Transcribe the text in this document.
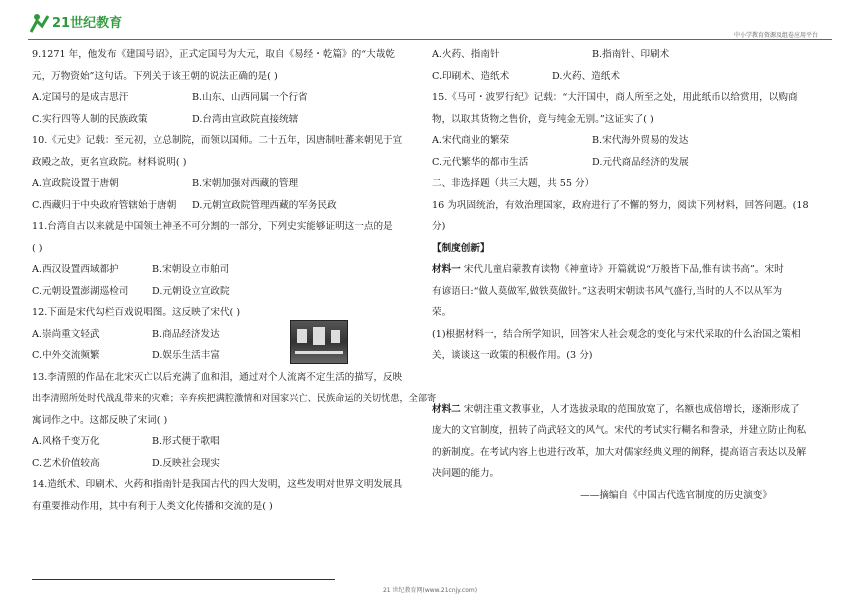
21世纪教育
中小学教育资源及组卷应用平台
9.1271 年，他发布《建国号诏》，正式定国号为大元，取自《易经・乾篇》的“大哉乾
元，万物资始”这句话。下列关于该王朝的说法正确的是( )
A.定国号的是成吉思汗	B.山东、山西同属一个行省
C.实行四等人制的民族政策	D.台湾由宣政院直接统辖
10.《元史》记载：至元初，立总制院，而领以国师。二十五年，因唐制吐蕃来朝见于宣
政殿之故，更名宣政院。材料说明( )
A.宣政院设置于唐朝	B.宋朝加强对西藏的管理
C.西藏归于中央政府管辖始于唐朝	D.元朝宣政院管理西藏的军务民政
11.台湾自古以来就是中国领土神圣不可分割的一部分，下列史实能够证明这一点的是
( )
A.西汉设置西域都护	B.宋朝设立市舶司
C.元朝设置澎湖巡检司	D.元朝设立宣政院
12.下面是宋代勾栏百戏说唱图。这反映了宋代( )
A.崇尚重文轻武	B.商品经济发达
C.中外交流频繁	D.娱乐生活丰富
13.李清照的作品在北宋灭亡以后充满了血和泪，通过对个人流离不定生活的描写，反映
出李清照所处时代战乱带来的灾难；辛弃疾把满腔激情和对国家兴亡、民族命运的关切忧患，全部寄
寓词作之中。这都反映了宋词( )
A.风格千变万化	B.形式便于歌唱
C.艺术价值较高	D.反映社会现实
14.造纸术、印刷术、火药和指南针是我国古代的四大发明，这些发明对世界文明发展具
有重要推动作用，其中有利于人类文化传播和交流的是( )
A.火药、指南针	B.指南针、印刷术
C.印刷术、造纸术	D.火药、造纸术
15.《马可・波罗行纪》记载：“大汗国中，商人所至之处，用此纸币以给赏用，以购商
物，以取其货物之售价，竟与纯金无别。”这证实了( )
A.宋代商业的繁荣	B.宋代海外贸易的发达
C.元代繁华的都市生活	D.元代商品经济的发展
二、非选择题（共三大题，共 55 分）
16 为巩固统治，有效治理国家，政府进行了不懈的努力，阅读下列材料，回答问题。(18
分)
【制度创新】
材料一 宋代儿童启蒙教育读物《神童诗》开篇就说“万般皆下品,惟有读书高”。宋时
有谚语曰:“做人莫做军,做铁莫做针。”这表明宋朝读书风气盛行,当时的人不以从军为
荣。
(1)根据材料一，结合所学知识，回答宋人社会观念的变化与宋代采取的什么治国之策相
关，谈谈这一政策的积极作用。(3 分)
材料二 宋朝注重文教事业，人才选拔录取的范围放宽了，名额也成倍增长，逐渐形成了
庞大的文官制度，扭转了尚武轻文的风气。宋代的考试实行糊名和誊录，并建立防止徇私
的新制度。在考试内容上也进行改革，加大对儒家经典义理的阐释，提高语言表达以及解
决问题的能力。
——摘编自《中国古代选官制度的历史演变》
21 世纪教育网(www.21cnjy.com)
